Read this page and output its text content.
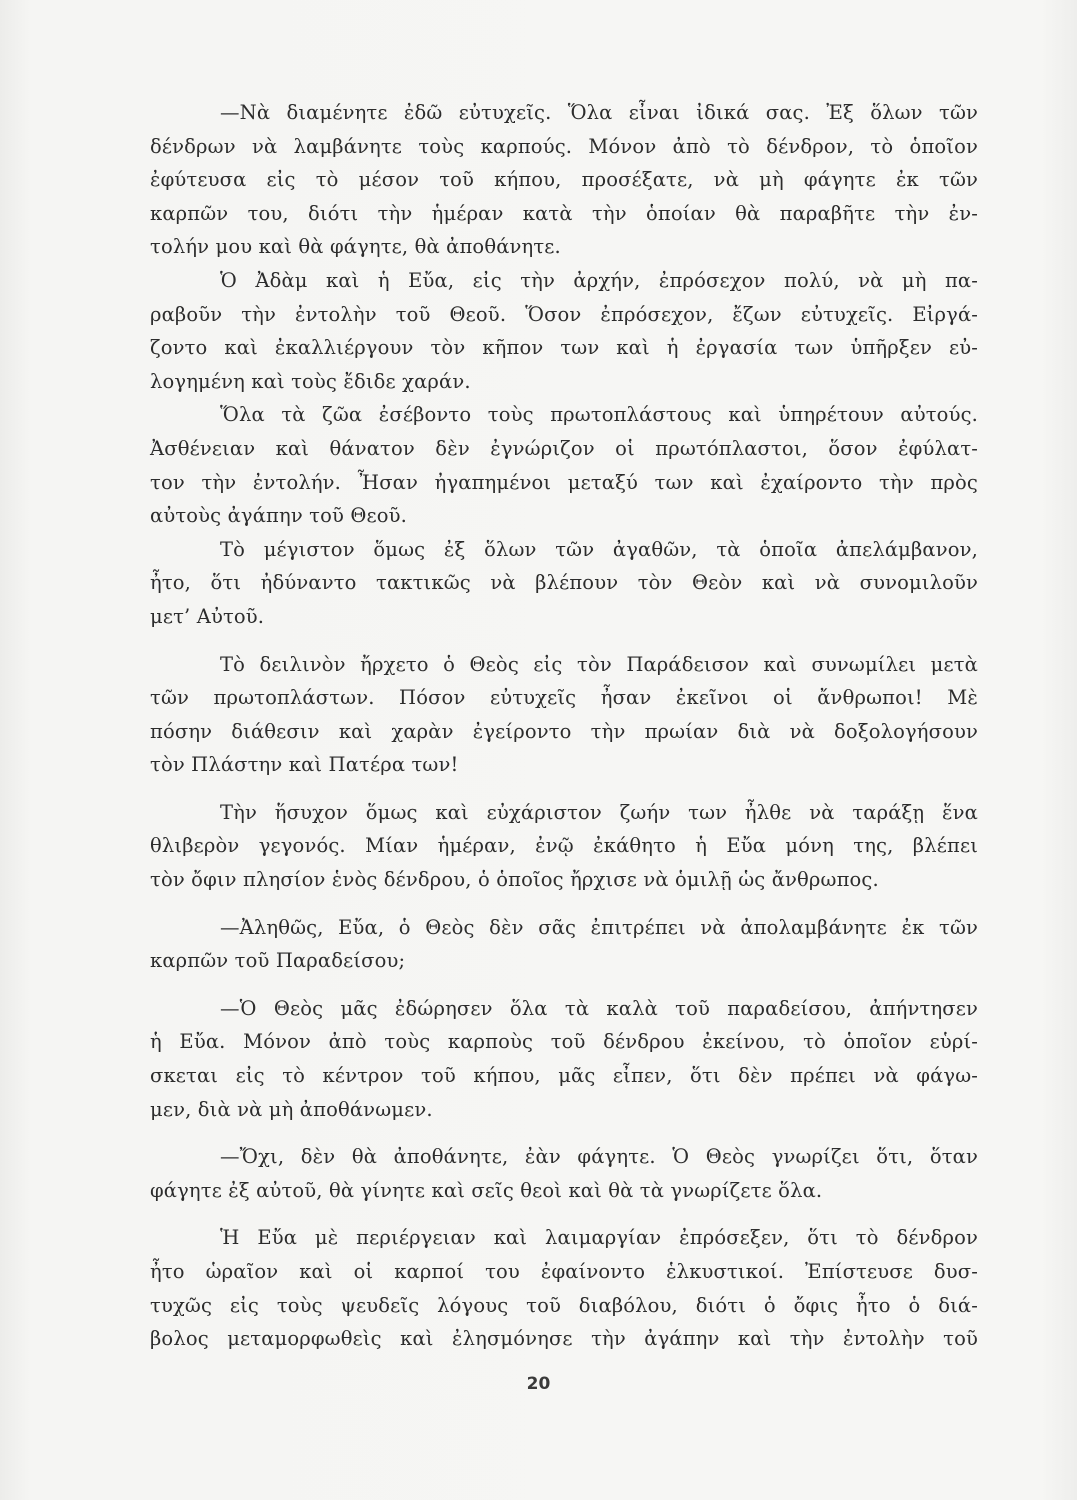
—Νὰ διαμένητε ἐδῶ εὐτυχεῖς. Ὅλα εἶναι ἰδικά σας. Ἐξ ὅλων τῶν
δένδρων νὰ λαμβάνητε τοὺς καρπούς. Μόνον ἀπὸ τὸ δένδρον, τὸ ὁποῖον
ἐφύτευσα εἰς τὸ μέσον τοῦ κήπου, προσέξατε, νὰ μὴ φάγητε ἐκ τῶν
καρπῶν του, διότι τὴν ἡμέραν κατὰ τὴν ὁποίαν θὰ παραβῆτε τὴν ἐν-
τολήν μου καὶ θὰ φάγητε, θὰ ἀποθάνητε.
Ὁ Ἀδὰμ καὶ ἡ Εὔα, εἰς τὴν ἀρχήν, ἐπρόσεχον πολύ, νὰ μὴ πα-
ραβοῦν τὴν ἐντολὴν τοῦ Θεοῦ. Ὅσον ἐπρόσεχον, ἔζων εὐτυχεῖς. Εἰργά-
ζοντο καὶ ἐκαλλιέργουν τὸν κῆπον των καὶ ἡ ἐργασία των ὑπῆρξεν εὐ-
λογημένη καὶ τοὺς ἔδιδε χαράν.
Ὅλα τὰ ζῶα ἐσέβοντο τοὺς πρωτοπλάστους καὶ ὑπηρέτουν αὐτούς.
Ἀσθένειαν καὶ θάνατον δὲν ἐγνώριζον οἱ πρωτόπλαστοι, ὅσον ἐφύλατ-
τον τὴν ἐντολήν. Ἦσαν ἠγαπημένοι μεταξύ των καὶ ἐχαίροντο τὴν πρὸς
αὐτοὺς ἀγάπην τοῦ Θεοῦ.
Τὸ μέγιστον ὅμως ἐξ ὅλων τῶν ἀγαθῶν, τὰ ὁποῖα ἀπελάμβανον,
ἦτο, ὅτι ἠδύναντο τακτικῶς νὰ βλέπουν τὸν Θεὸν καὶ νὰ συνομιλοῦν
μετ’ Αὐτοῦ.
Τὸ δειλινὸν ἤρχετο ὁ Θεὸς εἰς τὸν Παράδεισον καὶ συνωμίλει μετὰ
τῶν πρωτοπλάστων. Πόσον εὐτυχεῖς ἦσαν ἐκεῖνοι οἱ ἄνθρωποι! Μὲ
πόσην διάθεσιν καὶ χαρὰν ἐγείροντο τὴν πρωίαν διὰ νὰ δοξολογήσουν
τὸν Πλάστην καὶ Πατέρα των!
Τὴν ἥσυχον ὅμως καὶ εὐχάριστον ζωήν των ἦλθε νὰ ταράξῃ ἕνα
θλιβερὸν γεγονός. Μίαν ἡμέραν, ἐνῷ ἐκάθητο ἡ Εὔα μόνη της, βλέπει
τὸν ὄφιν πλησίον ἑνὸς δένδρου, ὁ ὁποῖος ἤρχισε νὰ ὁμιλῇ ὡς ἄνθρωπος.
—Ἀληθῶς, Εὔα, ὁ Θεὸς δὲν σᾶς ἐπιτρέπει νὰ ἀπολαμβάνητε ἐκ τῶν
καρπῶν τοῦ Παραδείσου;
—Ὁ Θεὸς μᾶς ἐδώρησεν ὅλα τὰ καλὰ τοῦ παραδείσου, ἀπήντησεν
ἡ Εὔα. Μόνον ἀπὸ τοὺς καρποὺς τοῦ δένδρου ἐκείνου, τὸ ὁποῖον εὑρί-
σκεται εἰς τὸ κέντρον τοῦ κήπου, μᾶς εἶπεν, ὅτι δὲν πρέπει νὰ φάγω-
μεν, διὰ νὰ μὴ ἀποθάνωμεν.
—Ὄχι, δὲν θὰ ἀποθάνητε, ἐὰν φάγητε. Ὁ Θεὸς γνωρίζει ὅτι, ὅταν
φάγητε ἐξ αὐτοῦ, θὰ γίνητε καὶ σεῖς θεοὶ καὶ θὰ τὰ γνωρίζετε ὅλα.
Ἡ Εὔα μὲ περιέργειαν καὶ λαιμαργίαν ἐπρόσεξεν, ὅτι τὸ δένδρον
ἦτο ὡραῖον καὶ οἱ καρποί του ἐφαίνοντο ἑλκυστικοί. Ἐπίστευσε δυσ-
τυχῶς εἰς τοὺς ψευδεῖς λόγους τοῦ διαβόλου, διότι ὁ ὄφις ἦτο ὁ διά-
βολος μεταμορφωθεὶς καὶ ἐλησμόνησε τὴν ἀγάπην καὶ τὴν ἐντολὴν τοῦ
20
